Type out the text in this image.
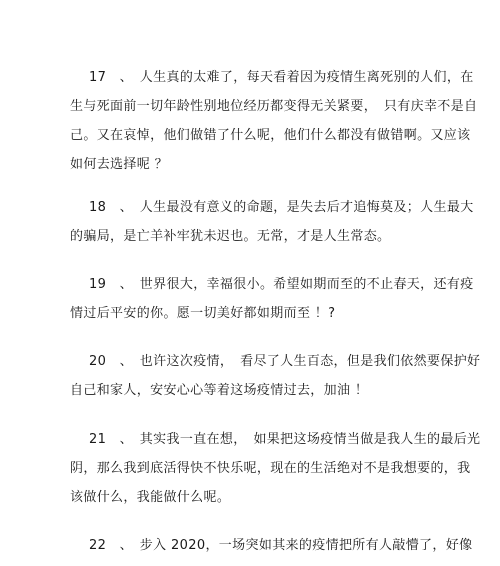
17　、　人生真的太难了，每天看着因为疫情生离死别的人们，在
生与死面前一切年龄性别地位经历都变得无关紧要，　只有庆幸不是自
己。又在哀悼，他们做错了什么呢，他们什么都没有做错啊。又应该
如何去选择呢 ？

18　、　人生最没有意义的命题，是失去后才追悔莫及；人生最大
的骗局，是亡羊补牢犹未迟也。无常，才是人生常态。

19　、　世界很大，幸福很小。希望如期而至的不止春天，还有疫
情过后平安的你。愿一切美好都如期而至 ！?

20　、　也许这次疫情，　看尽了人生百态，但是我们依然要保护好
自己和家人，安安心心等着这场疫情过去，加油 ！

21　、　其实我一直在想，　如果把这场疫情当做是我人生的最后光
阴，那么我到底活得快不快乐呢，现在的生活绝对不是我想要的，我
该做什么，我能做什么呢。

22　、　步入 2020，一场突如其来的疫情把所有人敲懵了，好像
